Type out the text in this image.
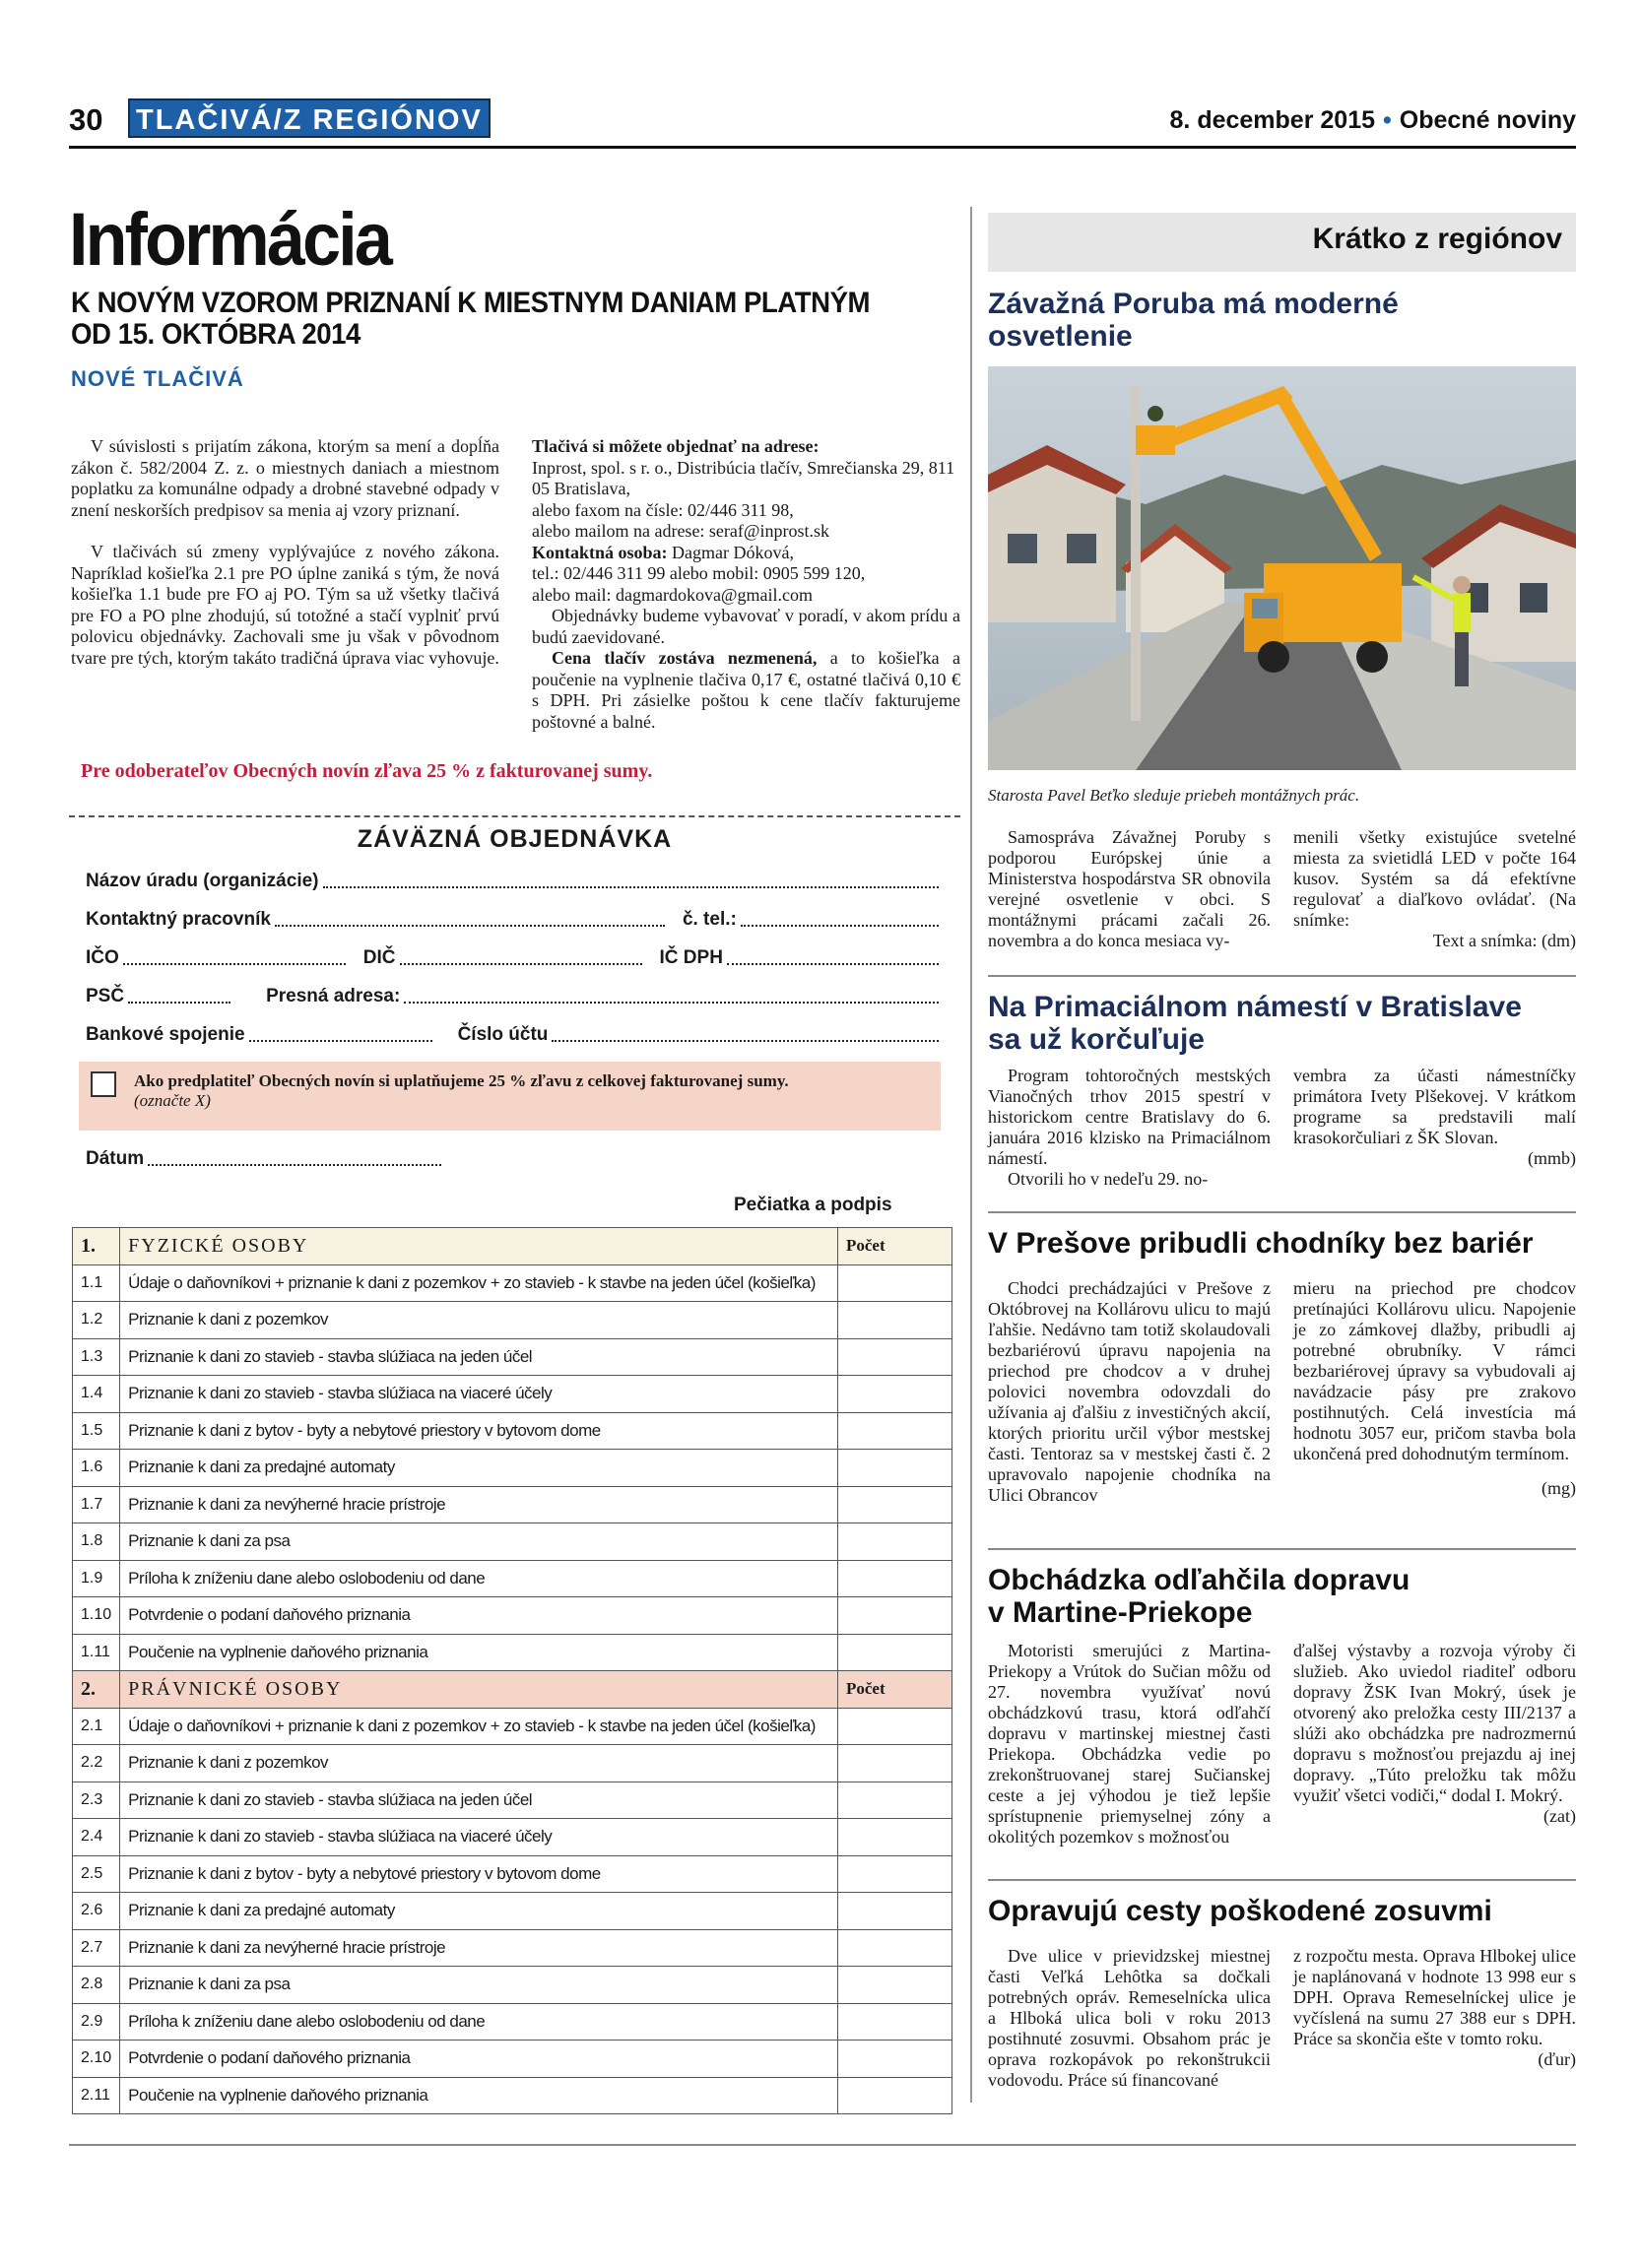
30 TLAČIVÁ/Z REGIÓNOV	8. december 2015 • Obecné noviny
Informácia
K NOVÝM VZOROM PRIZNANÍ K MIESTNYM DANIAM PLATNÝM
OD 15. OKTÓBRA 2014
NOVÉ TLAČIVÁ

V súvislosti s prijatím zákona, ktorým sa mení a dopĺňa zákon č. 582/2004 Z. z. o miestnych daniach a miestnom poplatku za komunálne odpady a drobné stavebné odpady v znení neskorších predpisov sa menia aj vzory priznaní.

V tlačivách sú zmeny vyplývajúce z nového zákona. Napríklad košieľka 2.1 pre PO úplne zaniká s tým, že nová košieľka 1.1 bude pre FO aj PO. Tým sa už všetky tlačivá pre FO a PO plne zhodujú, sú totožné a stačí vyplniť prvú polovicu objednávky. Zachovali sme ju však v pôvodnom tvare pre tých, ktorým takáto tradičná úprava viac vyhovuje.

Tlačivá si môžete objednať na adrese:

Inprost, spol. s r. o., Distribúcia tlačív, Smrečianska 29, 811 05 Bratislava,

alebo faxom na čísle: 02/446 311 98,

alebo mailom na adrese: seraf@inprost.sk

Kontaktná osoba: Dagmar Dóková,

tel.: 02/446 311 99 alebo mobil: 0905 599 120,

alebo mail: dagmardokova@gmail.com

Objednávky budeme vybavovať v poradí, v akom prídu a budú zaevidované.

Cena tlačív zostáva nezmenená, a to košieľka a poučenie na vyplnenie tlačiva 0,17 €, ostatné tlačivá 0,10 € s DPH. Pri zásielke poštou k cene tlačív fakturujeme poštovné a balné.

Pre odoberateľov Obecných novín zľava 25 % z fakturovanej sumy.
ZÁVÄZNÁ OBJEDNÁVKA
Názov úradu (organizácie)
Kontaktný pracovník	č. tel.:
IČO	DIČ	IČ DPH
PSČ	Presná adresa:
Bankové spojenie	Číslo účtu
Ako predplatiteľ Obecných novín si uplatňujeme 25 % zľavu z celkovej fakturovanej sumy.
(označte X)
Dátum
Pečiatka a podpis
1.	FYZICKÉ OSOBY	Počet
1.1	Údaje o daňovníkovi + priznanie k dani z pozemkov + zo stavieb - k stavbe na jeden účel (košieľka)	
1.2	Priznanie k dani z pozemkov	
1.3	Priznanie k dani zo stavieb - stavba slúžiaca na jeden účel	
1.4	Priznanie k dani zo stavieb - stavba slúžiaca na viaceré účely	
1.5	Priznanie k dani z bytov - byty a nebytové priestory v bytovom dome	
1.6	Priznanie k dani za predajné automaty	
1.7	Priznanie k dani za nevýherné hracie prístroje	
1.8	Priznanie k dani za psa	
1.9	Príloha k zníženiu dane alebo oslobodeniu od dane	
1.10	Potvrdenie o podaní daňového priznania	
1.11	Poučenie na vyplnenie daňového priznania	
2.	PRÁVNICKÉ OSOBY	Počet
2.1	Údaje o daňovníkovi + priznanie k dani z pozemkov + zo stavieb - k stavbe na jeden účel (košieľka)	
2.2	Priznanie k dani z pozemkov	
2.3	Priznanie k dani zo stavieb - stavba slúžiaca na jeden účel	
2.4	Priznanie k dani zo stavieb - stavba slúžiaca na viaceré účely	
2.5	Priznanie k dani z bytov - byty a nebytové priestory v bytovom dome	
2.6	Priznanie k dani za predajné automaty	
2.7	Priznanie k dani za nevýherné hracie prístroje	
2.8	Priznanie k dani za psa	
2.9	Príloha k zníženiu dane alebo oslobodeniu od dane	
2.10	Potvrdenie o podaní daňového priznania	
2.11	Poučenie na vyplnenie daňového priznania	
Krátko z regiónov
Závažná Poruba má moderné
osvetlenie
Starosta Pavel Beťko sleduje priebeh montážnych prác.

Samospráva Závažnej Poruby s podporou Európskej únie a Ministerstva hospodárstva SR obnovila verejné osvetlenie v obci. S montážnymi prácami začali 26. novembra a do konca mesiaca vy-

menili všetky existujúce svetelné miesta za svietidlá LED v počte 164 kusov. Systém sa dá efektívne regulovať a diaľkovo ovládať. (Na snímke:

Text a snímka: (dm)
Na Primaciálnom námestí v Bratislave
sa už korčuľuje

Program tohtoročných mestských Vianočných trhov 2015 spestrí v historickom centre Bratislavy do 6. januára 2016 klzisko na Primaciálnom námestí.

Otvorili ho v nedeľu 29. no-

vembra za účasti námestníčky primátora Ivety Plšekovej. V krátkom programe sa predstavili malí krasokorčuliari z ŠK Slovan.

(mmb)
V Prešove pribudli chodníky bez bariér

Chodci prechádzajúci v Prešove z Októbrovej na Kollárovu ulicu to majú ľahšie. Nedávno tam totiž skolaudovali bezbariérovú úpravu napojenia na priechod pre chodcov a v druhej polovici novembra odovzdali do užívania aj ďalšiu z investičných akcií, ktorých prioritu určil výbor mestskej časti. Tentoraz sa v mestskej časti č. 2 upravovalo napojenie chodníka na Ulici Obrancov

mieru na priechod pre chodcov pretínajúci Kollárovu ulicu. Napojenie je zo zámkovej dlažby, pribudli aj potrebné obrubníky. V rámci bezbariérovej úpravy sa vybudovali aj navádzacie pásy pre zrakovo postihnutých. Celá investícia má hodnotu 3057 eur, pričom stavba bola ukončená pred dohodnutým termínom.

(mg)
Obchádzka odľahčila dopravu
v Martine-Priekope

Motoristi smerujúci z Martina-Priekopy a Vrútok do Sučian môžu od 27. novembra využívať novú obchádzkovú trasu, ktorá odľahčí dopravu v martinskej miestnej časti Priekopa. Obchádzka vedie po zrekonštruovanej starej Sučianskej ceste a jej výhodou je tiež lepšie sprístupnenie priemyselnej zóny a okolitých pozemkov s možnosťou

ďalšej výstavby a rozvoja výroby či služieb. Ako uviedol riaditeľ odboru dopravy ŽSK Ivan Mokrý, úsek je otvorený ako preložka cesty III/2137 a slúži ako obchádzka pre nadrozmernú dopravu s možnosťou prejazdu aj inej dopravy. „Túto preložku tak môžu využiť všetci vodiči,“ dodal I. Mokrý.

(zat)
Opravujú cesty poškodené zosuvmi

Dve ulice v prievidzskej miestnej časti Veľká Lehôtka sa dočkali potrebných opráv. Remeselnícka ulica a Hlboká ulica boli v roku 2013 postihnuté zosuvmi. Obsahom prác je oprava rozkopávok po rekonštrukcii vodovodu. Práce sú financované

z rozpočtu mesta. Oprava Hlbokej ulice je naplánovaná v hodnote 13 998 eur s DPH. Oprava Remeselníckej ulice je vyčíslená na sumu 27 388 eur s DPH. Práce sa skončia ešte v tomto roku.

(ďur)
